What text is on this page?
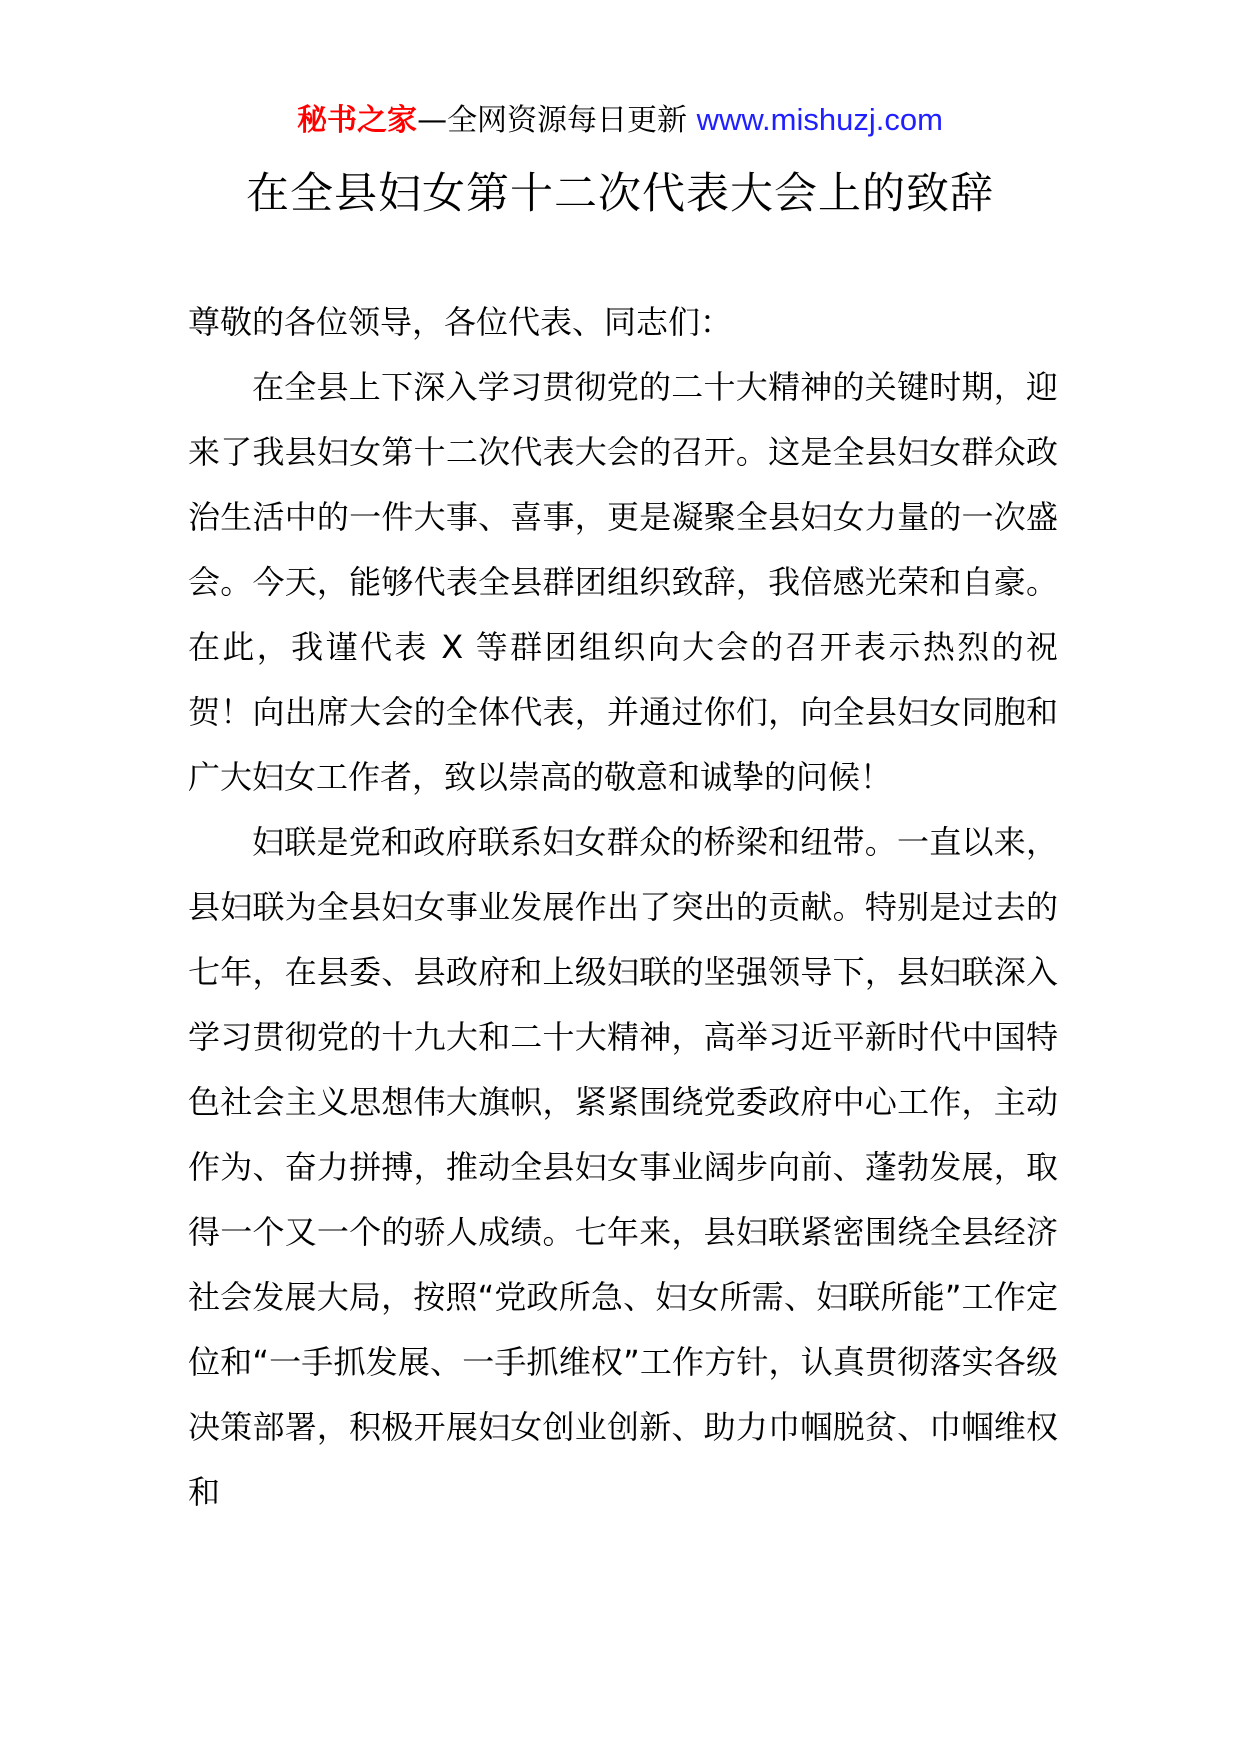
秘书之家—全网资源每日更新 www.mishuzj.com
在全县妇女第十二次代表大会上的致辞

尊敬的各位领导，各位代表、同志们：

在全县上下深入学习贯彻党的二十大精神的关键时期，迎来了我县妇女第十二次代表大会的召开。这是全县妇女群众政治生活中的一件大事、喜事，更是凝聚全县妇女力量的一次盛会。今天，能够代表全县群团组织致辞，我倍感光荣和自豪。在此，我谨代表 X 等群团组织向大会的召开表示热烈的祝贺！向出席大会的全体代表，并通过你们，向全县妇女同胞和广大妇女工作者，致以崇高的敬意和诚挚的问候！

妇联是党和政府联系妇女群众的桥梁和纽带。一直以来，县妇联为全县妇女事业发展作出了突出的贡献。特别是过去的七年，在县委、县政府和上级妇联的坚强领导下，县妇联深入学习贯彻党的十九大和二十大精神，高举习近平新时代中国特色社会主义思想伟大旗帜，紧紧围绕党委政府中心工作，主动作为、奋力拼搏，推动全县妇女事业阔步向前、蓬勃发展，取得一个又一个的骄人成绩。七年来，县妇联紧密围绕全县经济社会发展大局，按照“党政所急、妇女所需、妇联所能”工作定位和“一手抓发展、一手抓维权”工作方针，认真贯彻落实各级决策部署，积极开展妇女创业创新、助力巾帼脱贫、巾帼维权和
